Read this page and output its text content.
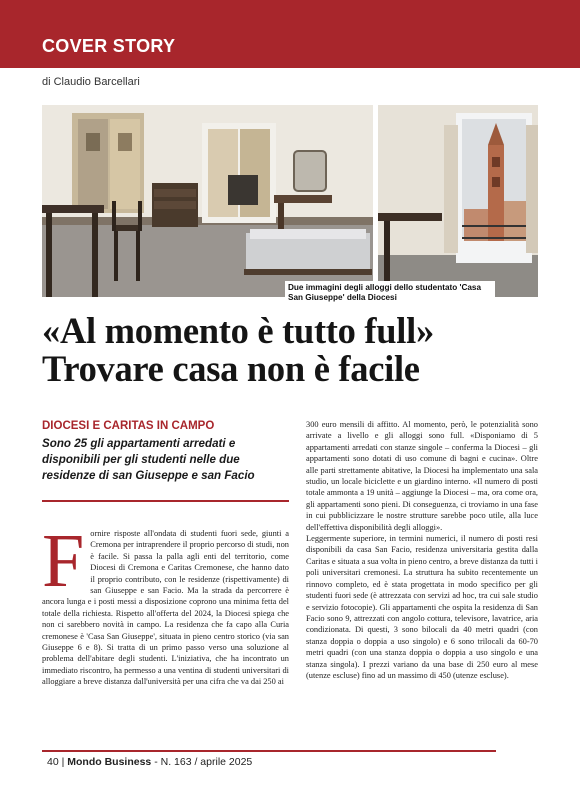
COVER STORY
di Claudio Barcellari
Due immagini degli alloggi dello studentato 'Casa San Giuseppe' della Diocesi
«Al momento è tutto full»
Trovare casa non è facile
DIOCESI E CARITAS IN CAMPO
Sono 25 gli appartamenti arredati e disponibili per gli studenti nelle due residenze di san Giuseppe e san Facio
F ornire risposte all'ondata di studenti fuori sede, giunti a Cremona per intraprendere il proprio percorso di studi, non è facile. Si passa la palla agli enti del territorio, come Diocesi di Cremona e Caritas Cremonese, che hanno dato il proprio contributo, con le residenze (rispettivamente) di san Giuseppe e san Facio. Ma la strada da percorrere è ancora lunga e i posti messi a disposizione coprono una minima fetta del totale della richiesta. Rispetto all'offerta del 2024, la Diocesi spiega che non ci sarebbero novità in campo. La residenza che fa capo alla Curia cremonese è 'Casa San Giuseppe', situata in pieno centro storico (via san Giuseppe 6 e 8). Si tratta di un primo passo verso una soluzione al problema dell'abitare degli studenti. L'iniziativa, che ha incontrato un immediato riscontro, ha permesso a una ventina di studenti universitari di alloggiare a breve distanza dall'università per una cifra che va dai 250 ai

300 euro mensili di affitto. Al momento, però, le potenzialità sono arrivate a livello e gli alloggi sono full. «Disponiamo di 5 appartamenti arredati con stanze singole – conferma la Diocesi – gli appartamenti sono dotati di uso comune di bagni e cucina». Oltre alle parti strettamente abitative, la Diocesi ha implementato una sala studio, un locale biciclette e un giardino interno. «Il numero di posti totale ammonta a 19 unità – aggiunge la Diocesi – ma, ora come ora, gli appartamenti sono pieni. Di conseguenza, ci troviamo in una fase in cui pubblicizzare le nostre strutture sarebbe poco utile, alla luce dell'effettiva disponibilità degli alloggi».

Leggermente superiore, in termini numerici, il numero di posti resi disponibili da casa San Facio, residenza universitaria gestita dalla Caritas e situata a sua volta in pieno centro, a breve distanza da tutti i poli universitari cremonesi. La struttura ha subito recentemente un rinnovo completo, ed è stata progettata in modo specifico per gli studenti fuori sede (è attrezzata con servizi ad hoc, tra cui sale studio e servizio fotocopie). Gli appartamenti che ospita la residenza di San Facio sono 9, attrezzati con angolo cottura, televisore, lavatrice, aria condizionata. Di questi, 3 sono bilocali da 40 metri quadri (con stanza doppia o doppia a uso singolo) e 6 sono trilocali da 60-70 metri quadri (con una stanza doppia o doppia a uso singolo e una stanza singola). I prezzi variano da una base di 250 euro al mese (utenze escluse) fino ad un massimo di 450 (utenze escluse).

40 | Mondo Business - N. 163 / aprile 2025
